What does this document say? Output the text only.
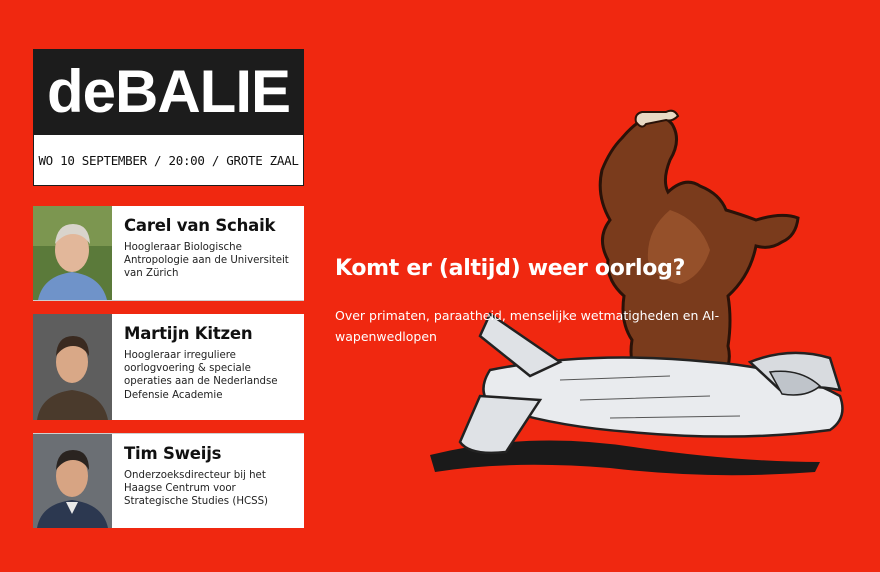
deBALIE
WO 10 SEPTEMBER / 20:00 / GROTE ZAAL
Carel van Schaik
Hoogleraar Biologische Antropologie aan de Universiteit van Zürich
Martijn Kitzen
Hoogleraar irreguliere oorlogvoering & speciale operaties aan de Nederlandse Defensie Academie
Tim Sweijs
Onderzoeksdirecteur bij het Haagse Centrum voor Strategische Studies (HCSS)
Komt er (altijd) weer oorlog?
Over primaten, paraatheid, menselijke wetmatigheden en AI-wapenwedlopen
